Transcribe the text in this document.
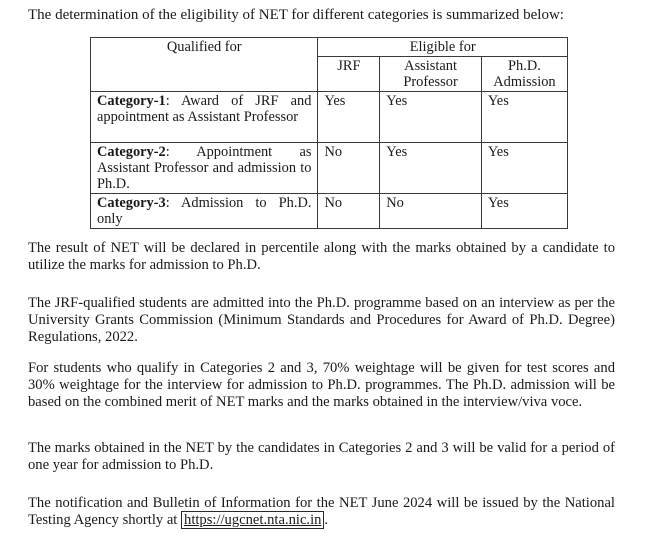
The determination of the eligibility of NET for different categories is summarized below:
Qualified for	Eligible for		
	JRF	Assistant Professor	Ph.D. Admission
Category-1: Award of JRF and appointment as Assistant Professor	Yes	Yes	Yes
Category-2: Appointment as Assistant Professor and admission to Ph.D.	No	Yes	Yes
Category-3: Admission to Ph.D. only	No	No	Yes

The result of NET will be declared in percentile along with the marks obtained by a candidate to utilize the marks for admission to Ph.D.

The JRF-qualified students are admitted into the Ph.D. programme based on an interview as per the University Grants Commission (Minimum Standards and Procedures for Award of Ph.D. Degree) Regulations, 2022.

For students who qualify in Categories 2 and 3, 70% weightage will be given for test scores and 30% weightage for the interview for admission to Ph.D. programmes. The Ph.D. admission will be based on the combined merit of NET marks and the marks obtained in the interview/viva voce.

The marks obtained in the NET by the candidates in Categories 2 and 3 will be valid for a period of one year for admission to Ph.D.

The notification and Bulletin of Information for the NET June 2024 will be issued by the National Testing Agency shortly at https://ugcnet.nta.nic.in .
